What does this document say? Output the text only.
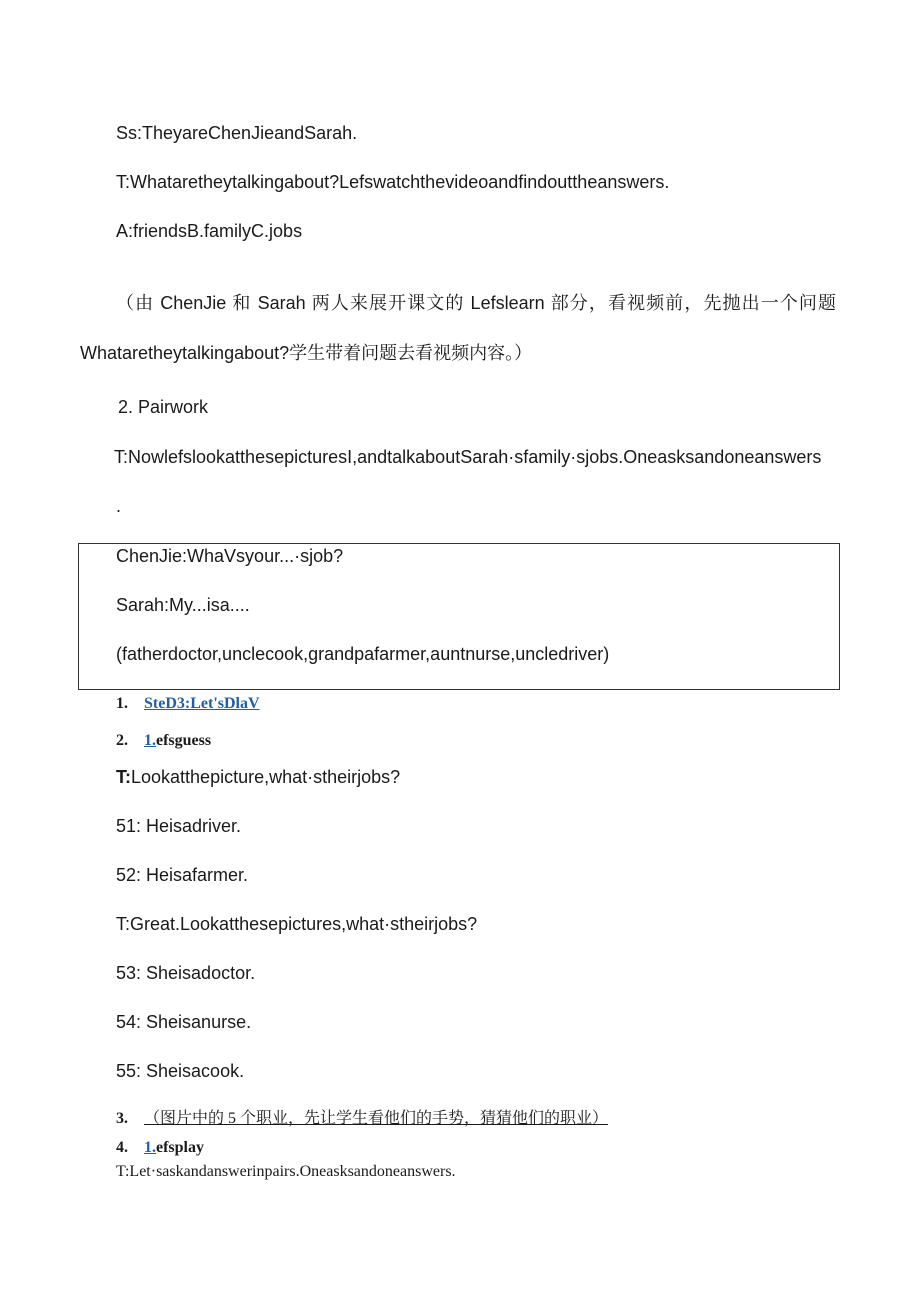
Ss:TheyareChenJieandSarah.
T:Whataretheytalkingabout?Lefswatchthevideoandfindouttheanswers.
A:friendsB.familyC.jobs
（由 ChenJie 和 Sarah 两人来展开课文的 Lefslearn 部分，看视频前，先抛出一个问题
Whataretheytalkingabout?学生带着问题去看视频内容。）
2. Pairwork
T:NowlefslookatthesepicturesI,andtalkaboutSarah·sfamily·sjobs.Oneasksandoneanswers
.
ChenJie:WhaVsyour...·sjob?
Sarah:My...isa....
(fatherdoctor,unclecook,grandpafarmer,auntnurse,uncledriver)
1. SteD3:Let'sDlaV
2. 1.efsguess
T:Lookatthepicture,what·stheirjobs?
51: Heisadriver.
52: Heisafarmer.
T:Great.Lookatthesepictures,what·stheirjobs?
53: Sheisadoctor.
54: Sheisanurse.
55: Sheisacook.
3. （图片中的 5 个职业，先让学生看他们的手势，猜猜他们的职业）
4. 1.efsplay
T:Let·saskandanswerinpairs.Oneasksandoneanswers.
